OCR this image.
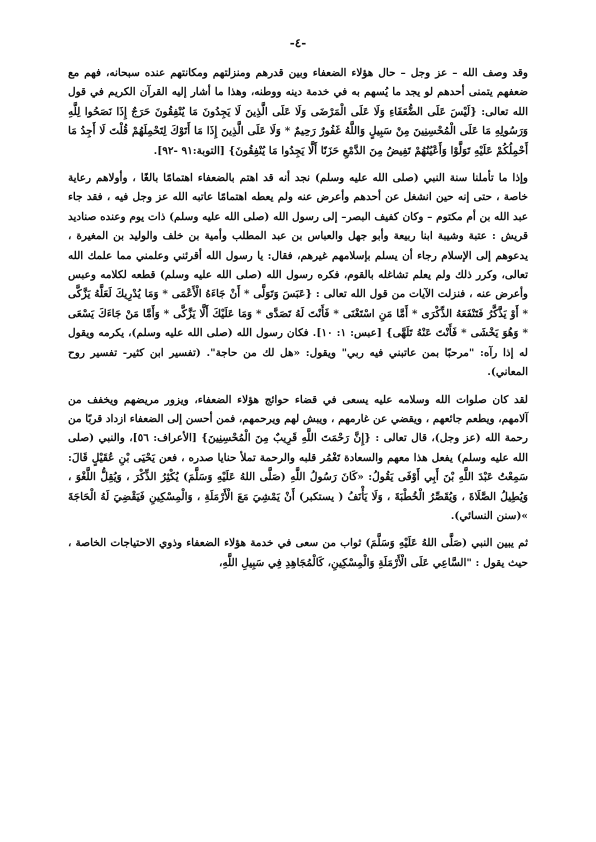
-٤-

وقد وصف الله – عز وجل – حال هؤلاء الضعفاء وبين قدرهم ومنزلتهم ومكانتهم عنده سبحانه، فهم مع ضعفهم يتمنى أحدهم لو يجد ما يُسهم به في خدمة دينه ووطنه، وهذا ما أشار إليه القرآن الكريم في قول الله تعالى: {لَيْسَ عَلَى الضُّعَفَاءِ وَلَا عَلَى الْمَرْضَى وَلَا عَلَى الَّذِينَ لَا يَجِدُونَ مَا يُنْفِقُونَ حَرَجٌ إِذَا نَصَحُوا لِلَّهِ وَرَسُولِهِ مَا عَلَى الْمُحْسِنِينَ مِنْ سَبِيلٍ وَاللَّهُ غَفُورٌ رَحِيمٌ * وَلَا عَلَى الَّذِينَ إِذَا مَا أَتَوْكَ لِتَحْمِلَهُمْ قُلْتَ لَا أَجِدُ مَا أَحْمِلُكُمْ عَلَيْهِ تَوَلَّوْا وَأَعْيُنُهُمْ تَفِيضُ مِنَ الدَّمْعِ حَزَنًا أَلَّا يَجِدُوا مَا يُنْفِقُونَ} [التوبة:٩١ -٩٢].

وإذا ما تأملنا سنة النبي (صلى الله عليه وسلم) نجد أنه قد اهتم بالضعفاء اهتمامًا بالغًا ، وأولاهم رعاية خاصة ، حتى إنه حين انشغل عن أحدهم وأعرض عنه ولم يعطه اهتمامًا عاتبه الله عز وجل فيه ، فقد جاء عبد الله بن أم مكتوم – وكان كفيف البصر– إلى رسول الله (صلى الله عليه وسلم) ذات يوم وعنده صناديد قريش : عتبة وشيبة ابنا ربيعة وأبو جهل والعباس بن عبد المطلب وأمية بن خلف والوليد بن المغيرة ، يدعوهم إلى الإسلام رجاء أن يسلم بإسلامهم غيرهم، فقال: يا رسول الله أقرئني وعلمني مما علمك الله تعالى، وكرر ذلك ولم يعلم تشاغله بالقوم، فكره رسول الله (صلى الله عليه وسلم) قطعه لكلامه وعبس وأعرض عنه ، فنزلت الآيات من قول الله تعالى : {عَبَسَ وَتَوَلَّى * أَنْ جَاءَهُ الْأَعْمَى * وَمَا يُدْرِيكَ لَعَلَّهُ يَزَّكَّى * أَوْ يَذَّكَّرُ فَتَنْفَعَهُ الذِّكْرَى * أَمَّا مَنِ اسْتَغْنَى * فَأَنْتَ لَهُ تَصَدَّى * وَمَا عَلَيْكَ أَلَّا يَزَّكَّى * وَأَمَّا مَنْ جَاءَكَ يَسْعَى * وَهُوَ يَخْشَى * فَأَنْتَ عَنْهُ تَلَهَّى} [عبس: ١: ١٠]. فكان رسول الله (صلى الله عليه وسلم)، يكرمه ويقول له إذا رآه: "مرحبًا بمن عاتبني فيه ربي" ويقول: «هل لك من حاجة". (تفسير ابن كثير- تفسير روح المعاني).

لقد كان صلوات الله وسلامه عليه يسعى في قضاء حوائج هؤلاء الضعفاء، ويزور مريضهم ويخفف من آلامهم، ويطعم جائعهم ، ويقضي عن غارمهم ، ويبش لهم ويرحمهم، فمن أحسن إلى الضعفاء ازداد قربًا من رحمة الله (عز وجل)، قال تعالى : {إِنَّ رَحْمَتَ اللَّهِ قَرِيبٌ مِنَ الْمُحْسِنِينَ} [الأعراف: ٥٦]، والنبي (صلى الله عليه وسلم) يفعل هذا معهم والسعادة تَغْمُر قلبه والرحمة تملأ حنايا صدره ، فعن يَحْيَى بْنِ عُقَيْلٍ قَالَ: سَمِعْتُ عَبْدَ اللَّهِ بْنَ أَبِي أَوْفَى يَقُولُ: «كَانَ رَسُولُ اللَّهِ (صَلَّى اللهُ عَلَيْهِ وَسَلَّمَ) يُكْثِرُ الذِّكْرَ ، وَيُقِلُّ اللَّغْوَ ، وَيُطِيلُ الصَّلَاةَ ، وَيُقَصِّرُ الْخُطْبَةَ ، وَلَا يَأْنَفُ ( يستكبر) أَنْ يَمْشِيَ مَعَ الْأَرْمَلَةِ ، وَالْمِسْكِينِ فَيَقْضِيَ لَهُ الْحَاجَةَ »(سنن النسائي).

ثم يبين النبي (صَلَّى اللهُ عَلَيْهِ وَسَلَّمَ) ثواب من سعى في خدمة هؤلاء الضعفاء وذوي الاحتياجات الخاصة ، حيث يقول : "السَّاعِي عَلَى الْأَرْمَلَةِ وَالْمِسْكِينِ، كَالْمُجَاهِدِ فِي سَبِيلِ اللَّهِ،
